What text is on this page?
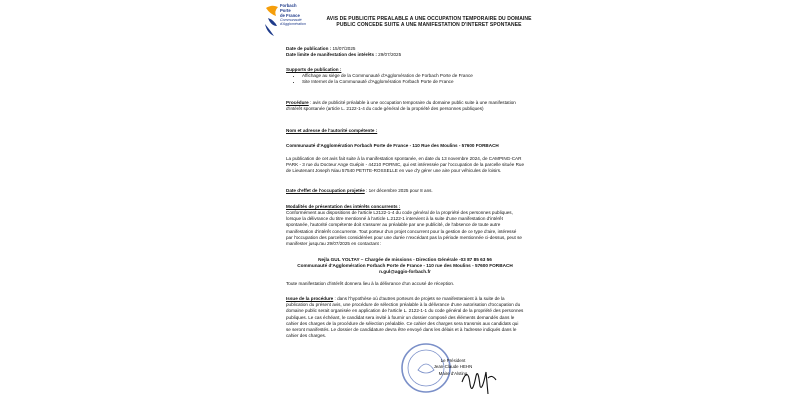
Forbach
Porte
de France
Communauté
d'Agglomération
AVIS DE PUBLICITE PREALABLE A UNE OCCUPATION TEMPORAIRE DU DOMAINE
PUBLIC CONCEDE SUITE A UNE MANIFESTATION D'INTERET SPONTANEE
Date de publication : 15/07/2025
Date limite de manifestation des intérêts : 29/07/2025
Supports de publication :
• Affichage au siège de la Communauté d'Agglomération de Forbach Porte de France
• Site Internet de la Communauté d'Agglomération Forbach Porte de France
Procédure : avis de publicité préalable à une occupation temporaire du domaine public suite à une manifestation d'intérêt spontanée (article L. 2122-1-4 du code général de la propriété des personnes publiques)
Nom et adresse de l'autorité compétente :
Communauté d'Agglomération Forbach Porte de France - 110 Rue des Moulins - 57600 FORBACH
La publication de cet avis fait suite à la manifestation spontanée, en date du 13 novembre 2024, de CAMPING-CAR PARK - 3 rue du Docteur Ange Guépin - 44210 PORNIC, qui est intéressée par l'occupation de la parcelle située Rue de Lieutenant Joseph Niau 57540 PETITE-ROSSELLE en vue d'y gérer une aire pour véhicules de loisirs.
Date d'effet de l'occupation projetée : 1er décembre 2025 pour 8 ans.
Modalités de présentation des intérêts concurrents :
Conformément aux dispositions de l'article L2122-1-4 du code général de la propriété des personnes publiques, lorsque la délivrance du titre mentionné à l'article L.2122-1 intervient à la suite d'une manifestation d'intérêt spontanée, l'autorité compétente doit s'assurer au préalable par une publicité, de l'absence de toute autre manifestation d'intérêt concurrente. Tout porteur d'un projet concurrent pour la gestion de ce type d'aire, intéressé par l'occupation des parcelles considérées pour une durée n'excédant pas la période mentionnée ci-dessus, peut se manifester jusqu'au 29/07/2025 en contactant :
Nejla GUL YOLTAY – Chargée de missions - Direction Générale -03 87 85 63 56
Communauté d'Agglomération Forbach Porte de France - 110 rue des Moulins - 57600 FORBACH
n.gul@aggio-forbach.fr
Toute manifestation d'intérêt donnera lieu à la délivrance d'un accusé de réception.
Issue de la procédure : dans l'hypothèse où d'autres porteurs de projets se manifesteraient à la suite de la publication du présent avis, une procédure de sélection préalable à la délivrance d'une autorisation d'occupation du domaine public serait organisée en application de l'article L. 2122-1-1 du code général de la propriété des personnes publiques. Le cas échéant, le candidat sera invité à fournir un dossier composé des éléments demandés dans le cahier des charges de la procédure de sélection préalable. Ce cahier des charges sera transmis aux candidats qui se seront manifestés. Le dossier de candidature devra être envoyé dans les délais et à l'adresse indiqués dans le cahier des charges.
Le Président
Jean-Claude HEHN
Maire d'Alsting
